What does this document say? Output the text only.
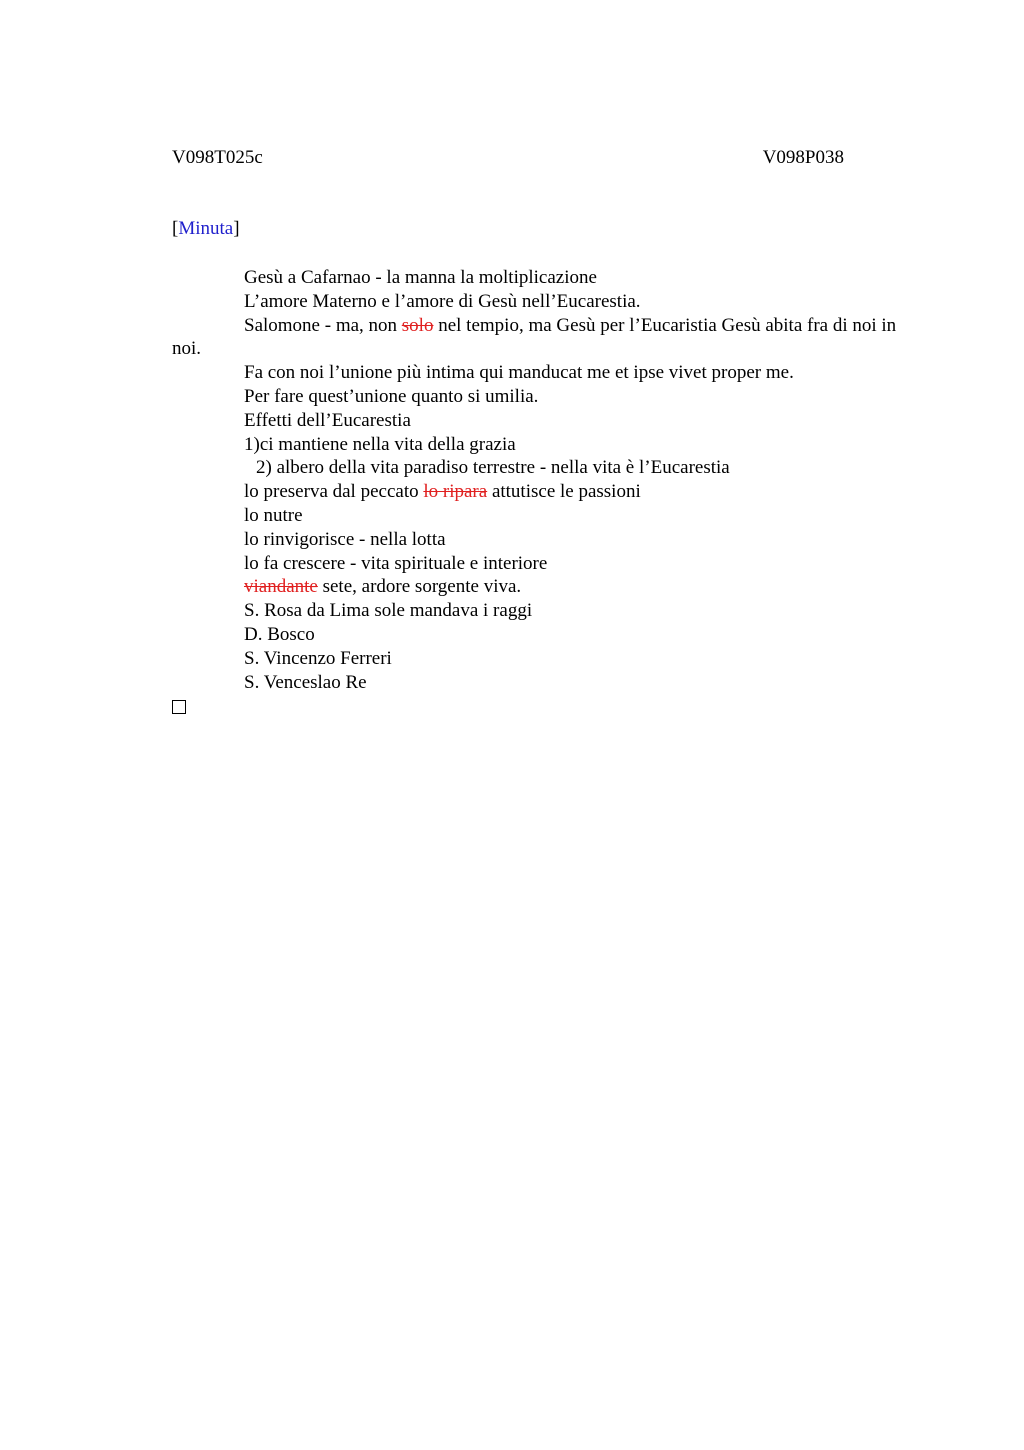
V098T025c	V098P038
[Minuta]
Gesù a Cafarnao - la manna la moltiplicazione
L’amore Materno e l’amore di Gesù nell’Eucarestia.
Salomone - ma, non solo nel tempio, ma Gesù per l’Eucaristia Gesù abita fra di noi in noi.
Fa con noi l’unione più intima qui manducat me et ipse vivet proper me.
Per fare quest’unione quanto si umilia.
Effetti dell’Eucarestia
1)ci mantiene nella vita della grazia
2) albero della vita paradiso terrestre - nella vita è l’Eucarestia
lo preserva dal peccato lo ripara attutisce le passioni
lo nutre
lo rinvigorisce - nella lotta
lo fa crescere - vita spirituale e interiore
viandante sete, ardore sorgente viva.
S. Rosa da Lima sole mandava i raggi
D. Bosco
S. Vincenzo Ferreri
S. Venceslao Re
